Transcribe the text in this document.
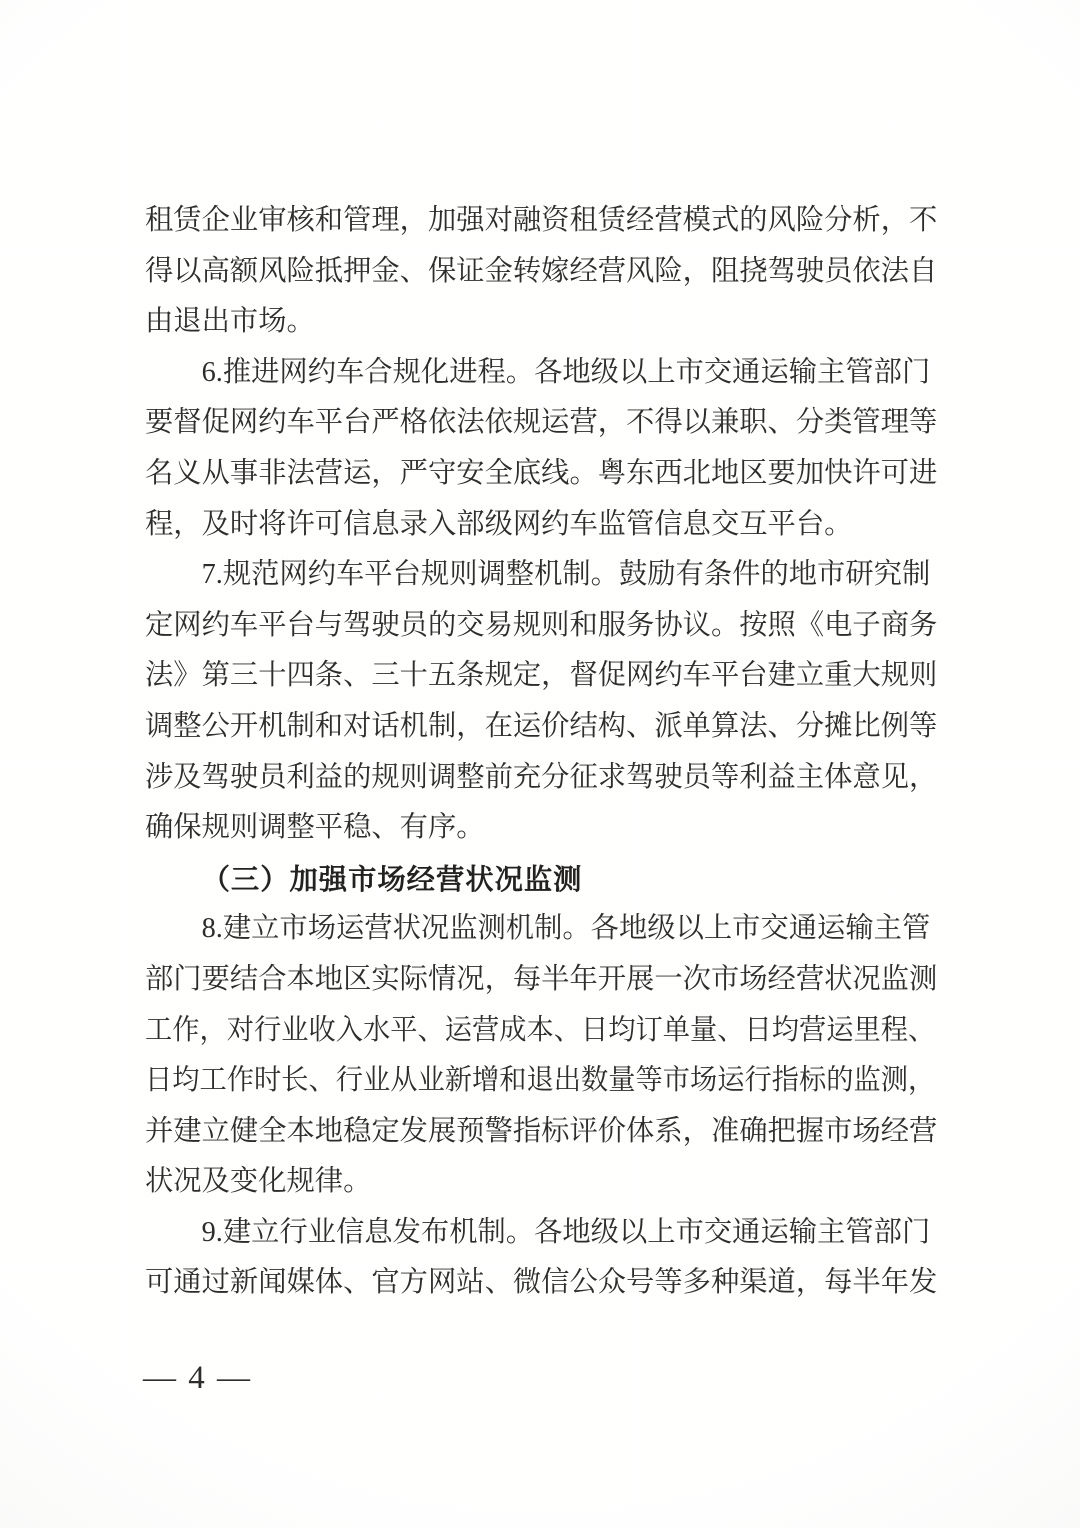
租赁企业审核和管理，加强对融资租赁经营模式的风险分析，不
得以高额风险抵押金、保证金转嫁经营风险，阻挠驾驶员依法自
由退出市场。
6.推进网约车合规化进程。各地级以上市交通运输主管部门
要督促网约车平台严格依法依规运营，不得以兼职、分类管理等
名义从事非法营运，严守安全底线。粤东西北地区要加快许可进
程，及时将许可信息录入部级网约车监管信息交互平台。
7.规范网约车平台规则调整机制。鼓励有条件的地市研究制
定网约车平台与驾驶员的交易规则和服务协议。按照《电子商务
法》第三十四条、三十五条规定，督促网约车平台建立重大规则
调整公开机制和对话机制，在运价结构、派单算法、分摊比例等
涉及驾驶员利益的规则调整前充分征求驾驶员等利益主体意见，
确保规则调整平稳、有序。
（三）加强市场经营状况监测
8.建立市场运营状况监测机制。各地级以上市交通运输主管
部门要结合本地区实际情况，每半年开展一次市场经营状况监测
工作，对行业收入水平、运营成本、日均订单量、日均营运里程、
日均工作时长、行业从业新增和退出数量等市场运行指标的监测，
并建立健全本地稳定发展预警指标评价体系，准确把握市场经营
状况及变化规律。
9.建立行业信息发布机制。各地级以上市交通运输主管部门
可通过新闻媒体、官方网站、微信公众号等多种渠道，每半年发
— 4 —
